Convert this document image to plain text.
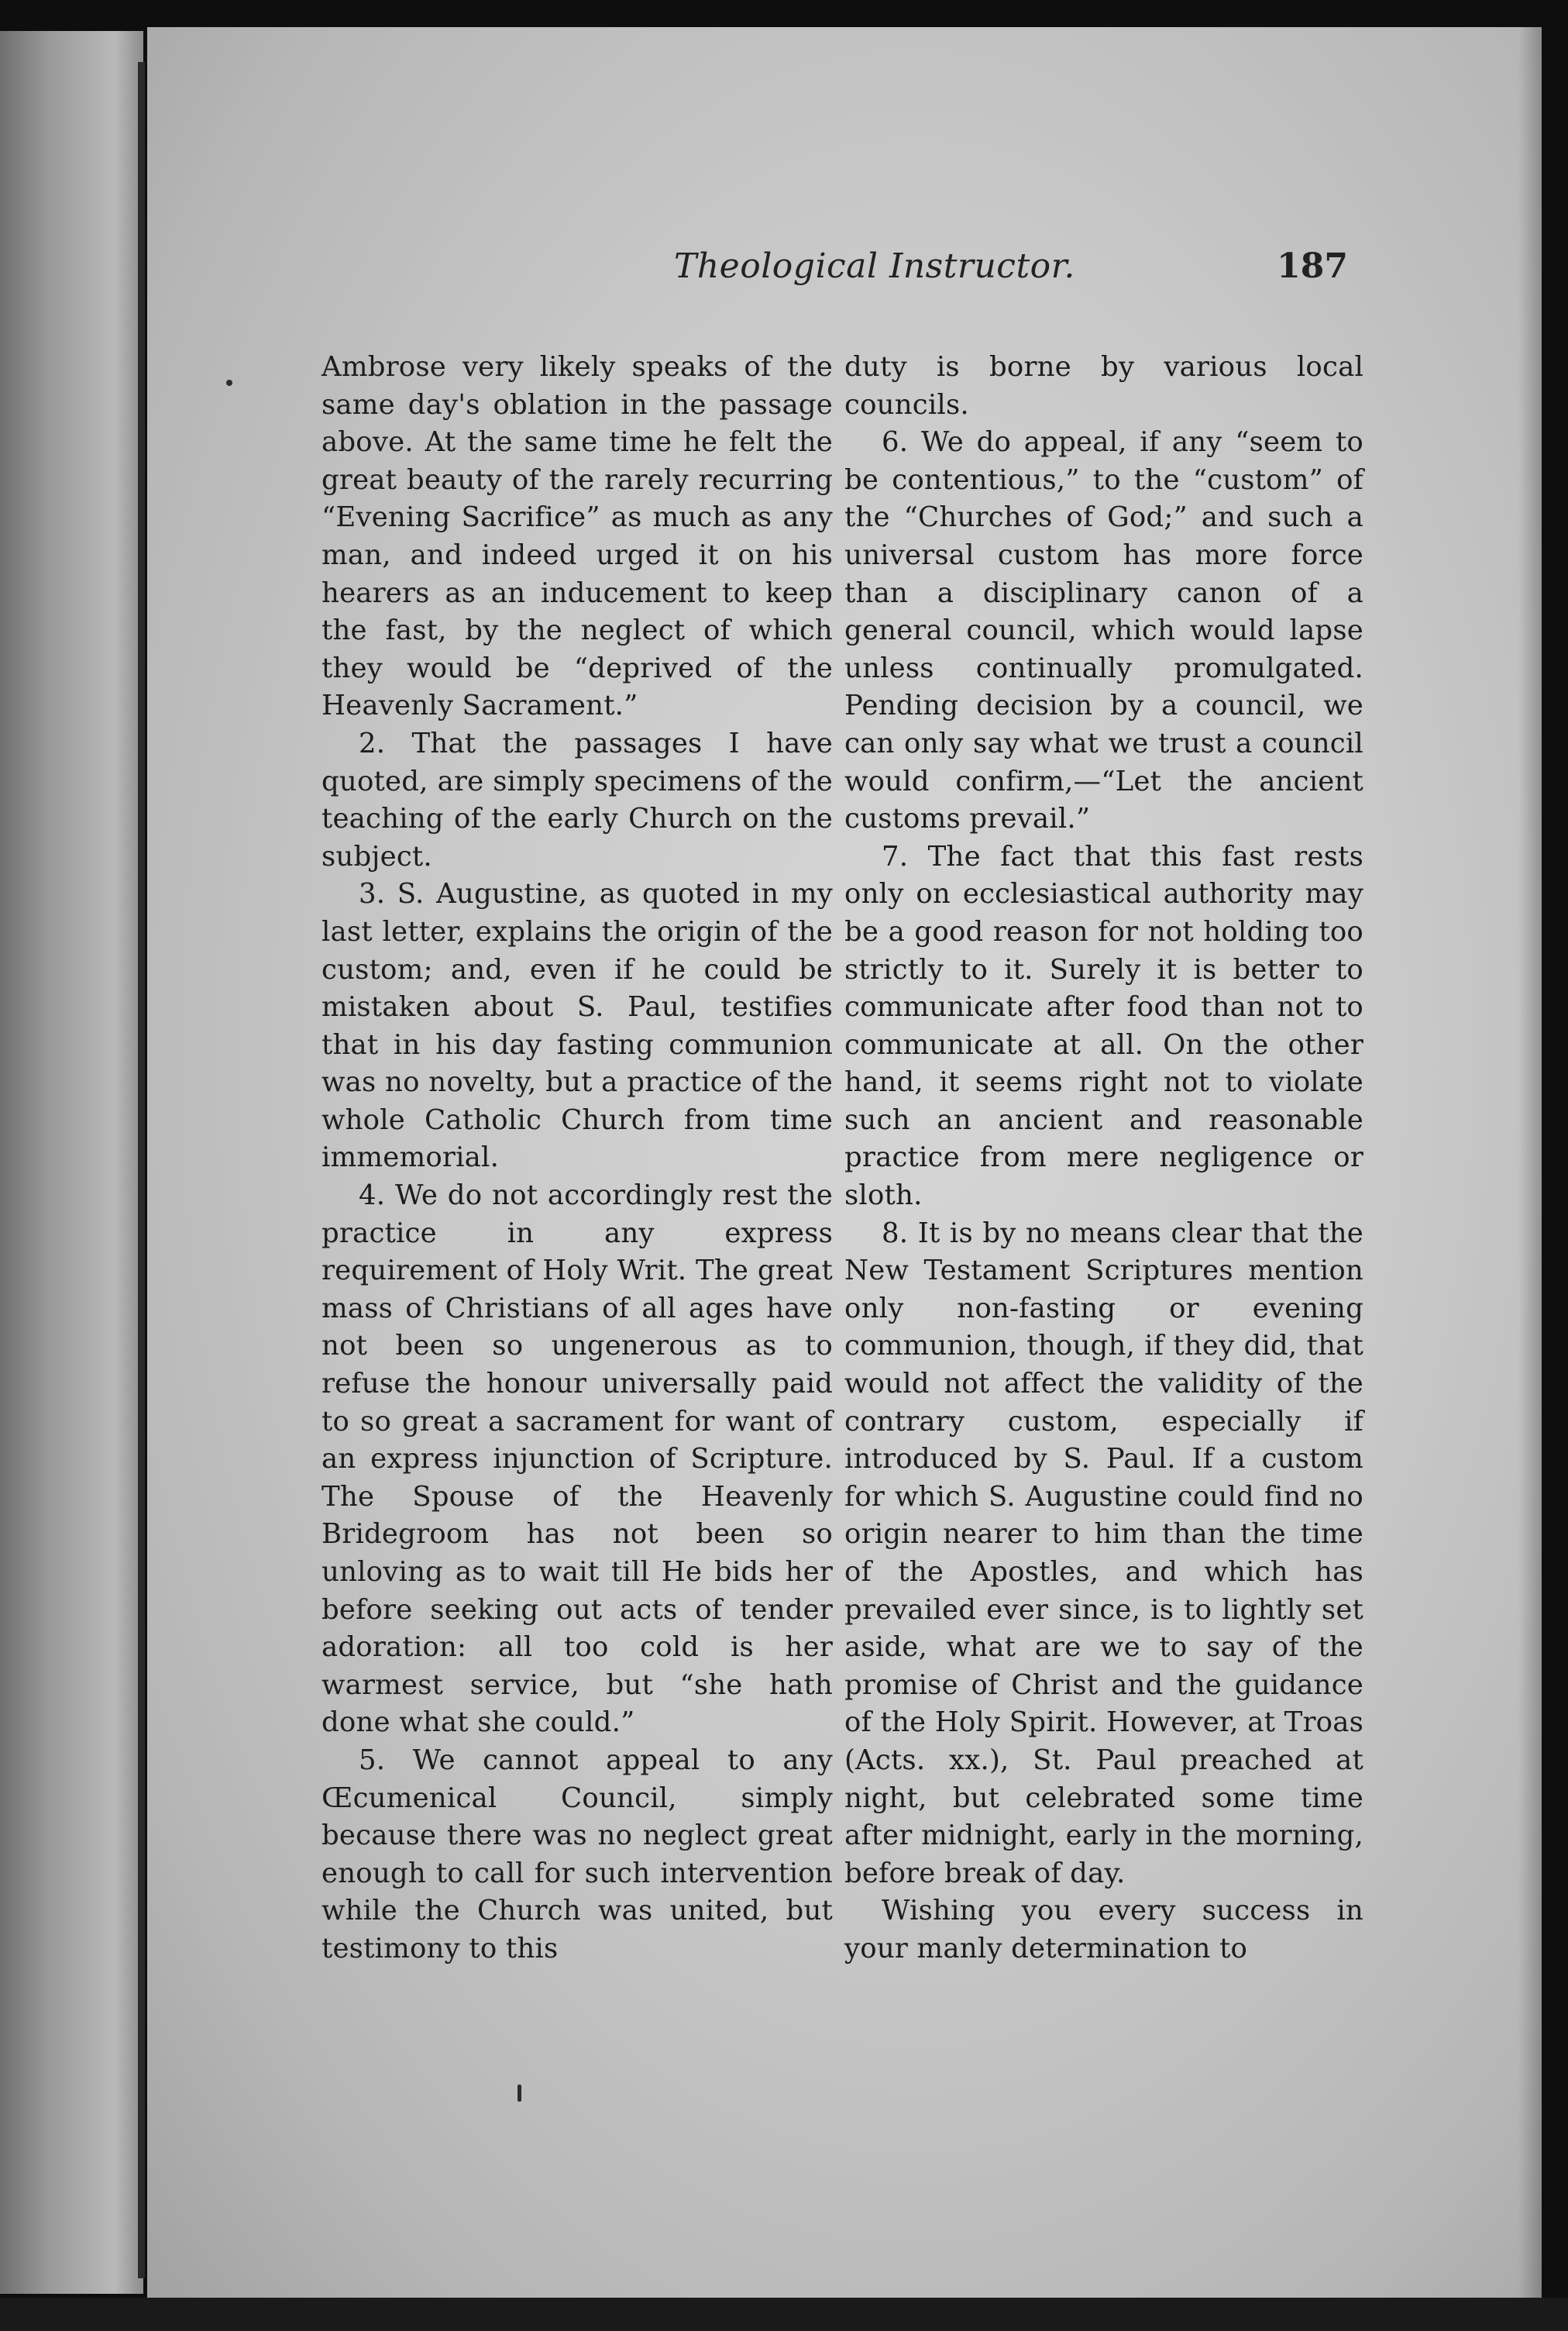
Theological Instructor.	187

Ambrose very likely speaks of the same day's oblation in the passage above. At the same time he felt the great beauty of the rarely recurring “Evening Sacrifice” as much as any man, and indeed urged it on his hearers as an inducement to keep the fast, by the neglect of which they would be “deprived of the Heavenly Sacrament.”

2. That the passages I have quoted, are simply specimens of the teaching of the early Church on the subject.

3. S. Augustine, as quoted in my last letter, explains the origin of the custom; and, even if he could be mistaken about S. Paul, testifies that in his day fasting communion was no novelty, but a practice of the whole Catholic Church from time immemorial.

4. We do not accordingly rest the practice in any express requirement of Holy Writ. The great mass of Christians of all ages have not been so ungenerous as to refuse the honour universally paid to so great a sacrament for want of an express injunction of Scripture. The Spouse of the Heavenly Bridegroom has not been so unloving as to wait till He bids her before seeking out acts of tender adoration: all too cold is her warmest service, but “she hath done what she could.”

5. We cannot appeal to any Œcumenical Council, simply because there was no neglect great enough to call for such intervention while the Church was united, but testimony to this

duty is borne by various local councils.

6. We do appeal, if any “seem to be contentious,” to the “custom” of the “Churches of God;” and such a universal custom has more force than a disciplinary canon of a general council, which would lapse unless continually promulgated. Pending decision by a council, we can only say what we trust a council would confirm,—“Let the ancient customs prevail.”

7. The fact that this fast rests only on ecclesiastical authority may be a good reason for not holding too strictly to it. Surely it is better to communicate after food than not to communicate at all. On the other hand, it seems right not to violate such an ancient and reasonable practice from mere negligence or sloth.

8. It is by no means clear that the New Testament Scriptures mention only non-fasting or evening communion, though, if they did, that would not affect the validity of the contrary custom, especially if introduced by S. Paul. If a custom for which S. Augustine could find no origin nearer to him than the time of the Apostles, and which has prevailed ever since, is to lightly set aside, what are we to say of the promise of Christ and the guidance of the Holy Spirit. However, at Troas (Acts. xx.), St. Paul preached at night, but celebrated some time after midnight, early in the morning, before break of day.

Wishing you every success in your manly determination to
